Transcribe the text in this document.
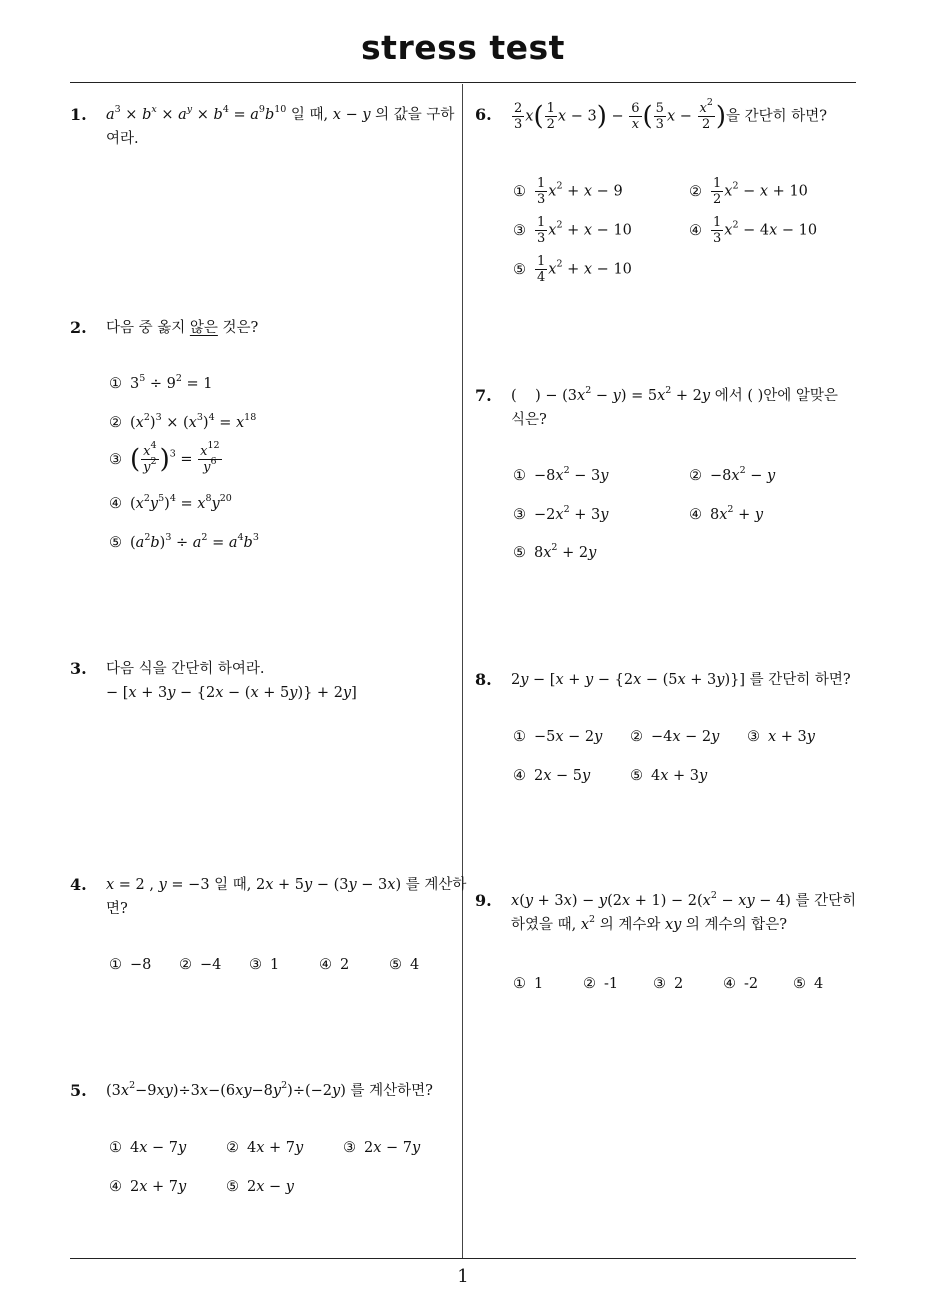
stress test
1
1. $a^3 \times b^x \times a^y \times b^4 = a^9b^{10}$ 일 때, x − y 의 값을 구하
여라.
2. 다음 중 옳지 않은 것은?
① $3^5 \div 9^2 = 1$
② $(x^2)^3 \times (x^3)^4 = x^{18}$
③ ( $\frac{x^4}{y^2} )^3 = \frac{x^{12}}{y^6}$
④ $(x^2y^5)^4 = x^8y^{20}$
⑤ $(a^2b)^3 \div a^2 = a^4b^3$
3. 다음 식을 간단히 하여라.
− [x + 3y − {2x − (x + 5y)} + 2y]
4. x = 2 , y = −3 일 때, 2x + 5y − (3y − 3x) 를 계산하
면?
① −8 ② −4 ③ 1	④ 2	⑤ 4
5. $(3x^2-9xy)\div 3x-(6xy-8y^2)\div(-2y)$ 를 계산하면?
① 4x − 7y	② 4x + 7y	③ 2x − 7y
④ 2x + 7y	⑤ 2x − y
6. $\frac{2}{3} x( \frac{1}{2}$ $x - 3) - \frac{6}{x}$ ( $\frac{5}{3}$ $x - \frac{x^2}{2}$ )을 간단히 하면?
① $\frac{1}{3} x^2 + x - 9$	② $\frac{1}{2} x^2 - x + 10$
③ $\frac{1}{3} x^2 + x - 10$	④ $\frac{1}{3} x^2 - 4x - 10$
⑤ $\frac{1}{4} x^2 + x - 10$
7. (    ) − $(3x^2 - y) = 5x^2 + 2y$ 에서 ( )안에 알맞은
식은?
① $-8x^2 - 3y$	② $-8x^2 - y$
③ $-2x^2 + 3y$	④ $8x^2 + y$
⑤ $8x^2 + 2y$
8. 2y − [x + y − {2x − (5x + 3y)}] 를 간단히 하면?
① −5x − 2y ② −4x − 2y ③ x + 3y
④ 2x − 5y	⑤ 4x + 3y
9. $x(y + 3x) - y(2x + 1) - 2(x^2$ − xy − 4) 를 간단히
하였을 때, $x^2$ 의 계수와 xy 의 계수의 합은?
① 1	② -1 ③ 2	④ -2 ⑤ 4
